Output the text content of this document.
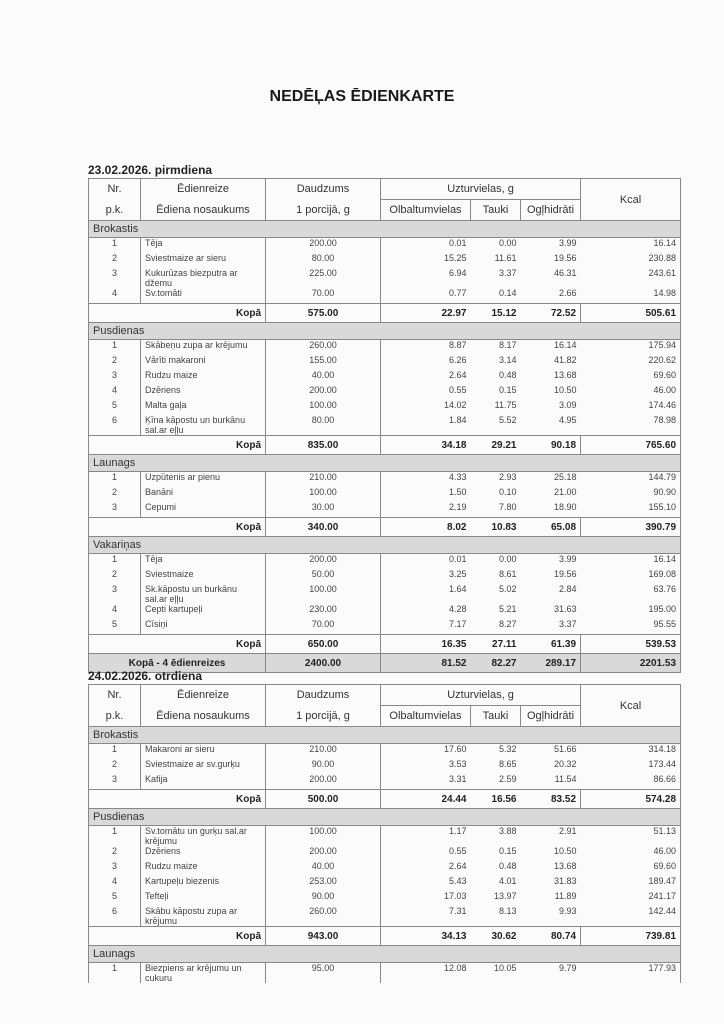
NEDĒĻAS ĒDIENKARTE
23.02.2026. pirmdiena
Nr.	Ēdienreize	Daudzums	Uzturvielas, g			Kcal
p.k.	Ēdiena nosaukums	1 porcijā, g	Olbaltumvielas	Tauki	Ogļhidrāti	
Brokastis						
1	Tēja	200.00	0.01	0.00	3.99	16.14
2	Sviestmaize ar sieru	80.00	15.25	11.61	19.56	230.88
3	Kukurūzas biezputra ar džemu	225.00	6.94	3.37	46.31	243.61
4	Sv.tomāti	70.00	0.77	0.14	2.66	14.98
Kopā		575.00	22.97	15.12	72.52	505.61
Pusdienas						
1	Skābeņu zupa ar krējumu	260.00	8.87	8.17	16.14	175.94
2	Vārīti makaroni	155.00	6.26	3.14	41.82	220.62
3	Rudzu maize	40.00	2.64	0.48	13.68	69.60
4	Dzēriens	200.00	0.55	0.15	10.50	46.00
5	Malta gaļa	100.00	14.02	11.75	3.09	174.46
6	Ķīna kāpostu un burkānu sal.ar eļļu	80.00	1.84	5.52	4.95	78.98
Kopā		835.00	34.18	29.21	90.18	765.60
Launags						
1	Uzpūtenis ar pienu	210.00	4.33	2.93	25.18	144.79
2	Banāni	100.00	1.50	0.10	21.00	90.90
3	Cepumi	30.00	2.19	7.80	18.90	155.10
Kopā		340.00	8.02	10.83	65.08	390.79
Vakariņas						
1	Tēja	200.00	0.01	0.00	3.99	16.14
2	Sviestmaize	50.00	3.25	8.61	19.56	169.08
3	Sk.kāpostu un burkānu sal.ar eļļu	100.00	1.64	5.02	2.84	63.76
4	Cepti kartupeļi	230.00	4.28	5.21	31.63	195.00
5	Cīsiņi	70.00	7.17	8.27	3.37	95.55
Kopā		650.00	16.35	27.11	61.39	539.53
Kopā - 4 ēdienreizes		2400.00	81.52	82.27	289.17	2201.53
24.02.2026. otrdiena
Nr.	Ēdienreize	Daudzums	Uzturvielas, g			Kcal
p.k.	Ēdiena nosaukums	1 porcijā, g	Olbaltumvielas	Tauki	Ogļhidrāti	
Brokastis						
1	Makaroni ar sieru	210.00	17.60	5.32	51.66	314.18
2	Sviestmaize ar sv.gurķu	90.00	3.53	8.65	20.32	173.44
3	Kafija	200.00	3.31	2.59	11.54	86.66
Kopā		500.00	24.44	16.56	83.52	574.28
Pusdienas						
1	Sv.tomātu un gurķu sal.ar krējumu	100.00	1.17	3.88	2.91	51.13
2	Dzēriens	200.00	0.55	0.15	10.50	46.00
3	Rudzu maize	40.00	2.64	0.48	13.68	69.60
4	Kartupeļu biezenis	253.00	5.43	4.01	31.83	189.47
5	Tefteļi	90.00	17.03	13.97	11.89	241.17
6	Skābu kāpostu zupa ar krējumu	260.00	7.31	8.13	9.93	142.44
Kopā		943.00	34.13	30.62	80.74	739.81
Launags						
1	Biezpiens ar krējumu un cukuru	95.00	12.08	10.05	9.79	177.93
